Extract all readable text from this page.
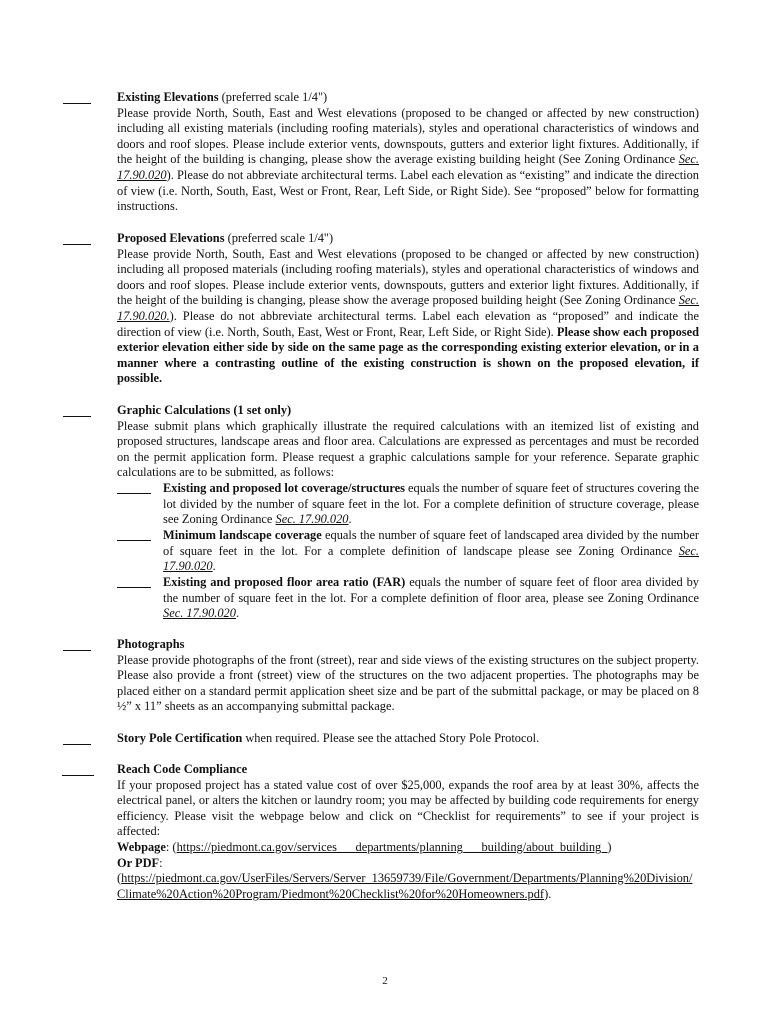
Existing Elevations (preferred scale 1/4")

Please provide North, South, East and West elevations (proposed to be changed or affected by new construction) including all existing materials (including roofing materials), styles and operational characteristics of windows and doors and roof slopes. Please include exterior vents, downspouts, gutters and exterior light fixtures. Additionally, if the height of the building is changing, please show the average existing building height (See Zoning Ordinance Sec. 17.90.020). Please do not abbreviate architectural terms. Label each elevation as “existing” and indicate the direction of view (i.e. North, South, East, West or Front, Rear, Left Side, or Right Side). See “proposed” below for formatting instructions.

Proposed Elevations (preferred scale 1/4")

Please provide North, South, East and West elevations (proposed to be changed or affected by new construction) including all proposed materials (including roofing materials), styles and operational characteristics of windows and doors and roof slopes. Please include exterior vents, downspouts, gutters and exterior light fixtures. Additionally, if the height of the building is changing, please show the average proposed building height (See Zoning Ordinance Sec. 17.90.020.). Please do not abbreviate architectural terms. Label each elevation as “proposed” and indicate the direction of view (i.e. North, South, East, West or Front, Rear, Left Side, or Right Side). Please show each proposed exterior elevation either side by side on the same page as the corresponding existing exterior elevation, or in a manner where a contrasting outline of the existing construction is shown on the proposed elevation, if possible.

Graphic Calculations (1 set only)

Please submit plans which graphically illustrate the required calculations with an itemized list of existing and proposed structures, landscape areas and floor area. Calculations are expressed as percentages and must be recorded on the permit application form. Please request a graphic calculations sample for your reference. Separate graphic calculations are to be submitted, as follows:

Existing and proposed lot coverage/structures equals the number of square feet of structures covering the lot divided by the number of square feet in the lot. For a complete definition of structure coverage, please see Zoning Ordinance Sec. 17.90.020.
Minimum landscape coverage equals the number of square feet of landscaped area divided by the number of square feet in the lot. For a complete definition of landscape please see Zoning Ordinance Sec. 17.90.020.
Existing and proposed floor area ratio (FAR) equals the number of square feet of floor area divided by the number of square feet in the lot. For a complete definition of floor area, please see Zoning Ordinance Sec. 17.90.020.

Photographs

Please provide photographs of the front (street), rear and side views of the existing structures on the subject property. Please also provide a front (street) view of the structures on the two adjacent properties. The photographs may be placed either on a standard permit application sheet size and be part of the submittal package, or may be placed on 8 ½” x 11” sheets as an accompanying submittal package.

Story Pole Certification when required. Please see the attached Story Pole Protocol.

Reach Code Compliance

If your proposed project has a stated value cost of over $25,000, expands the roof area by at least 30%, affects the electrical panel, or alters the kitchen or laundry room; you may be affected by building code requirements for energy efficiency. Please visit the webpage below and click on “Checklist for requirements” to see if your project is affected:

Webpage: (https://piedmont.ca.gov/services___departments/planning___building/about_building_)

Or PDF:

(https://piedmont.ca.gov/UserFiles/Servers/Server_13659739/File/Government/Departments/Planning%20Division/Climate%20Action%20Program/Piedmont%20Checklist%20for%20Homeowners.pdf).

2
